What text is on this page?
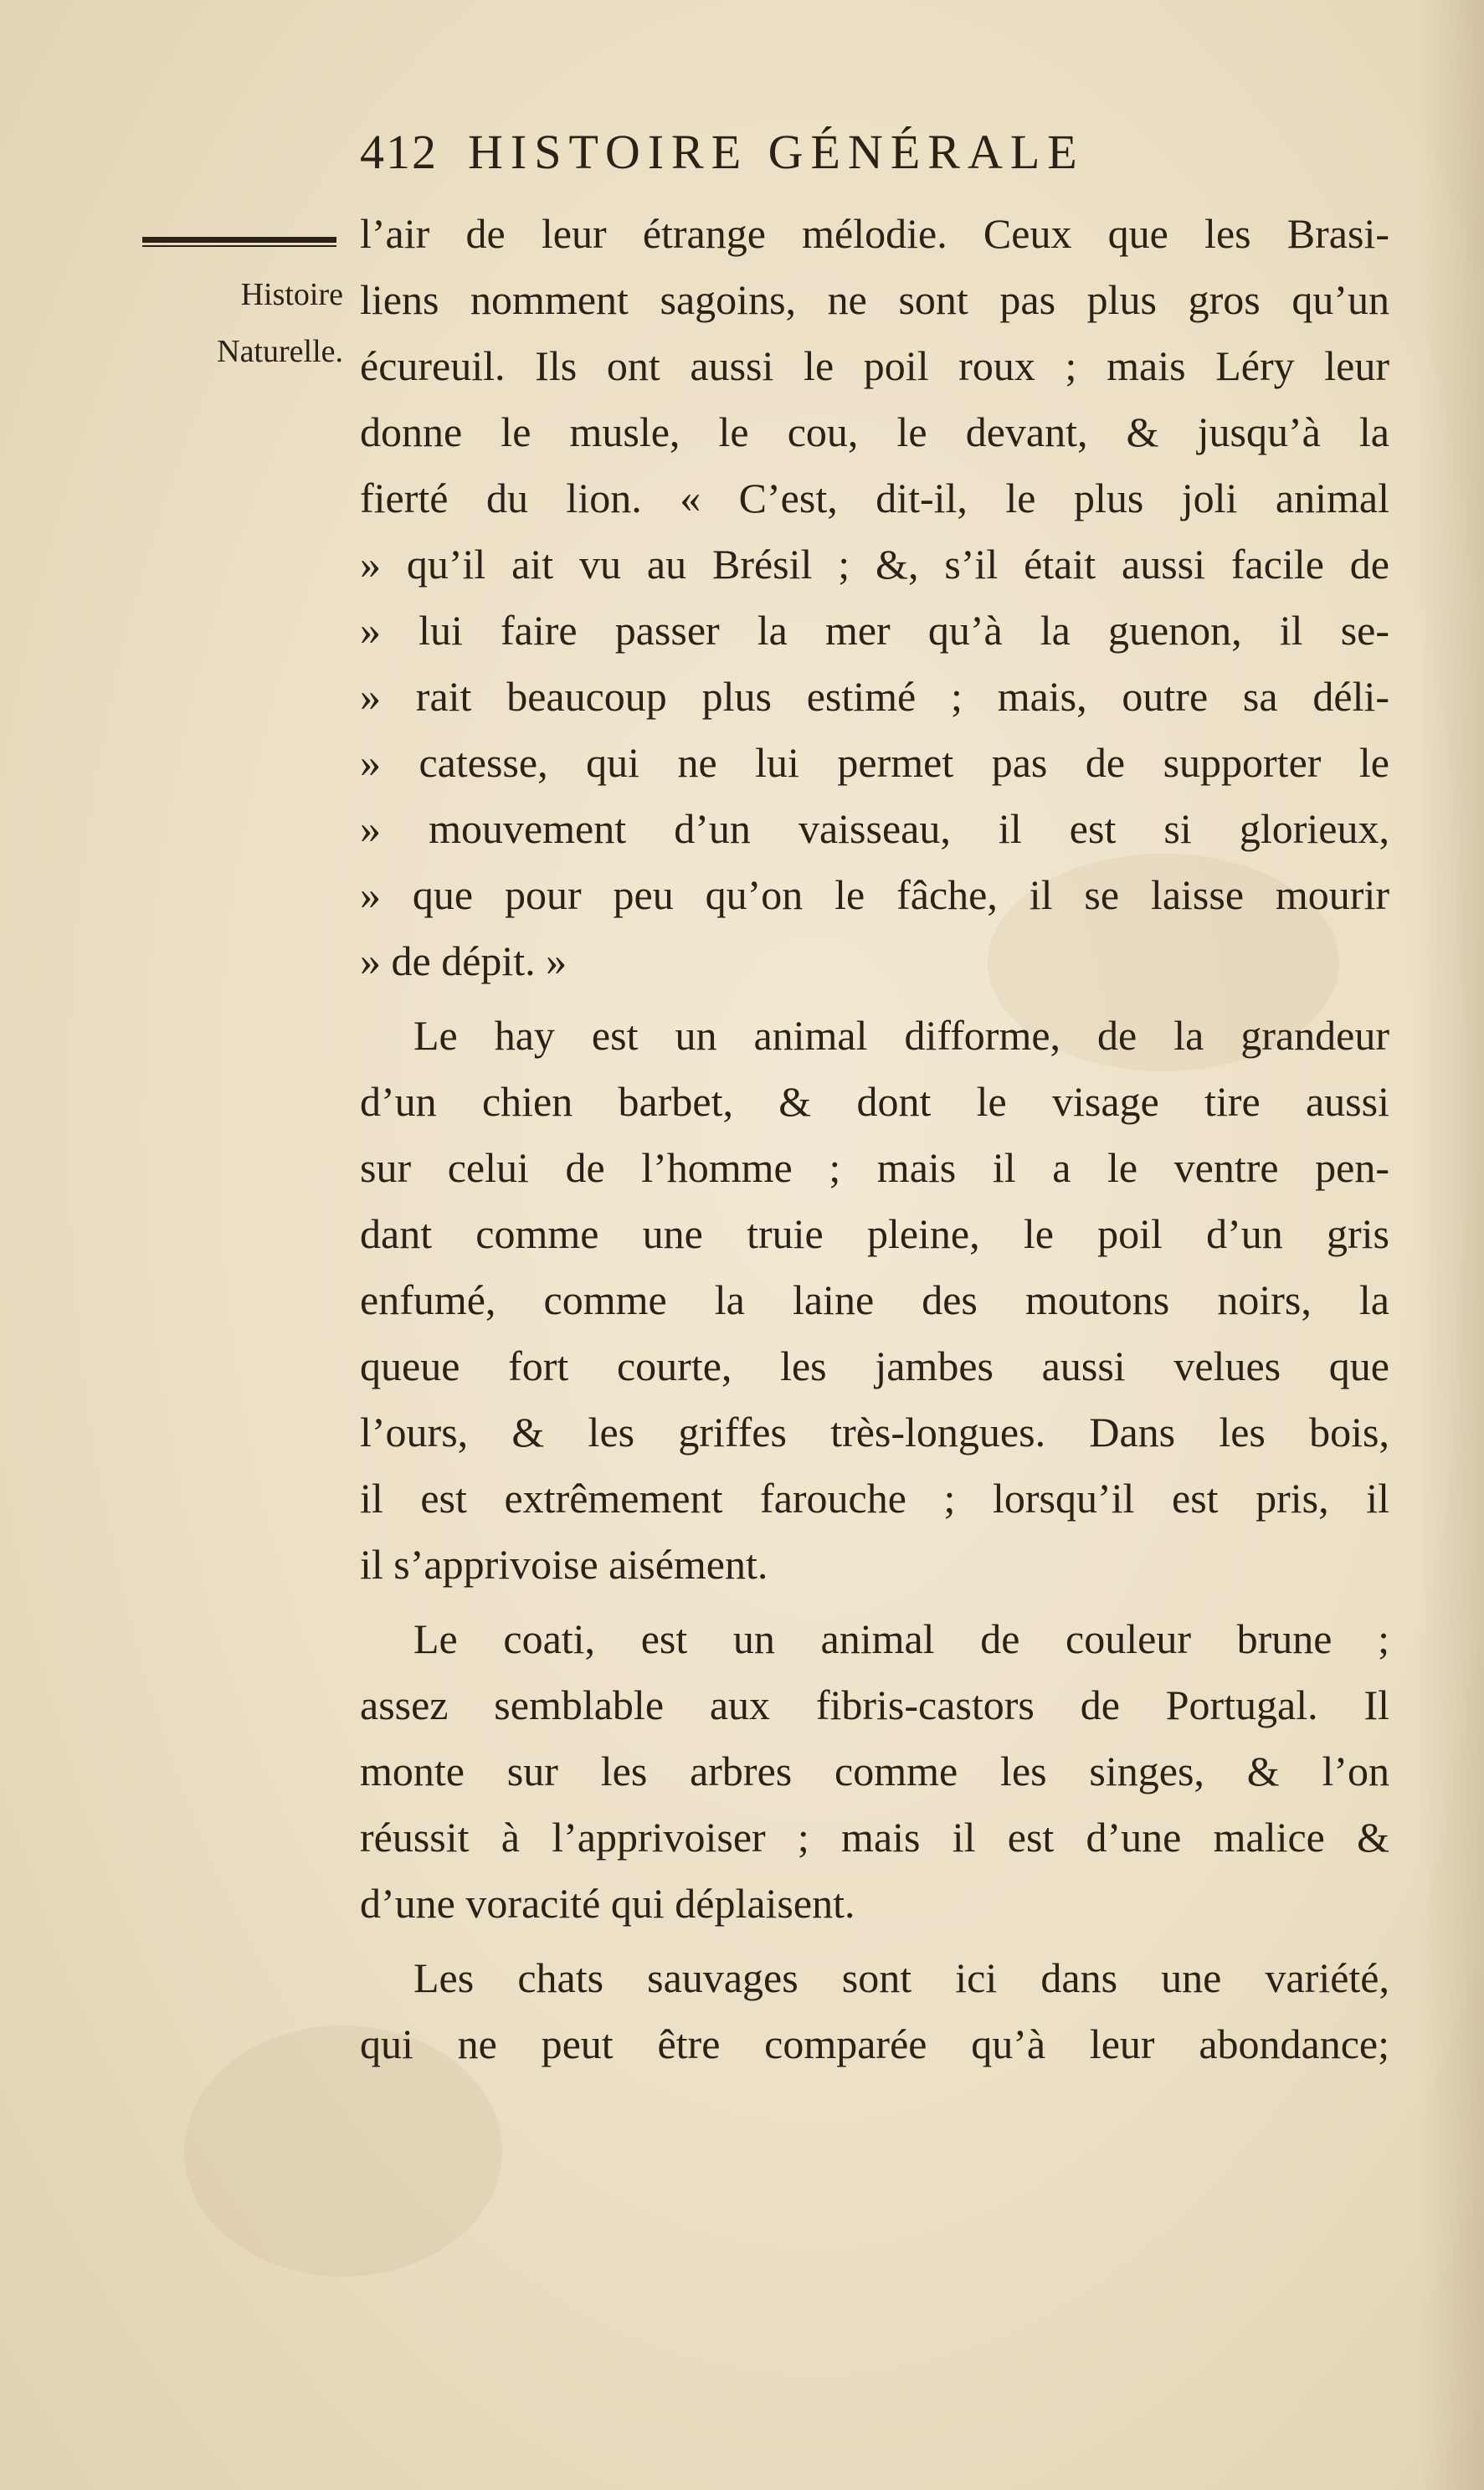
412 HISTOIRE GÉNÉRALE
Histoire
Naturelle.
l’air de leur étrange mélodie. Ceux que les Brasi-
liens nomment sagoins, ne sont pas plus gros qu’un
écureuil. Ils ont aussi le poil roux ; mais Léry leur
donne le musle, le cou, le devant, & jusqu’à la
fierté du lion. « C’est, dit-il, le plus joli animal
» qu’il ait vu au Brésil ; &, s’il était aussi facile de
» lui faire passer la mer qu’à la guenon, il se-
» rait beaucoup plus estimé ; mais, outre sa déli-
» catesse, qui ne lui permet pas de supporter le
» mouvement d’un vaisseau, il est si glorieux,
» que pour peu qu’on le fâche, il se laisse mourir
» de dépit. »
Le hay est un animal difforme, de la grandeur
d’un chien barbet, & dont le visage tire aussi
sur celui de l’homme ; mais il a le ventre pen-
dant comme une truie pleine, le poil d’un gris
enfumé, comme la laine des moutons noirs, la
queue fort courte, les jambes aussi velues que
l’ours, & les griffes très-longues. Dans les bois,
il est extrêmement farouche ; lorsqu’il est pris, il
il s’apprivoise aisément.
Le coati, est un animal de couleur brune ;
assez semblable aux fibris-castors de Portugal. Il
monte sur les arbres comme les singes, & l’on
réussit à l’apprivoiser ; mais il est d’une malice &
d’une voracité qui déplaisent.
Les chats sauvages sont ici dans une variété,
qui ne peut être comparée qu’à leur abondance;
